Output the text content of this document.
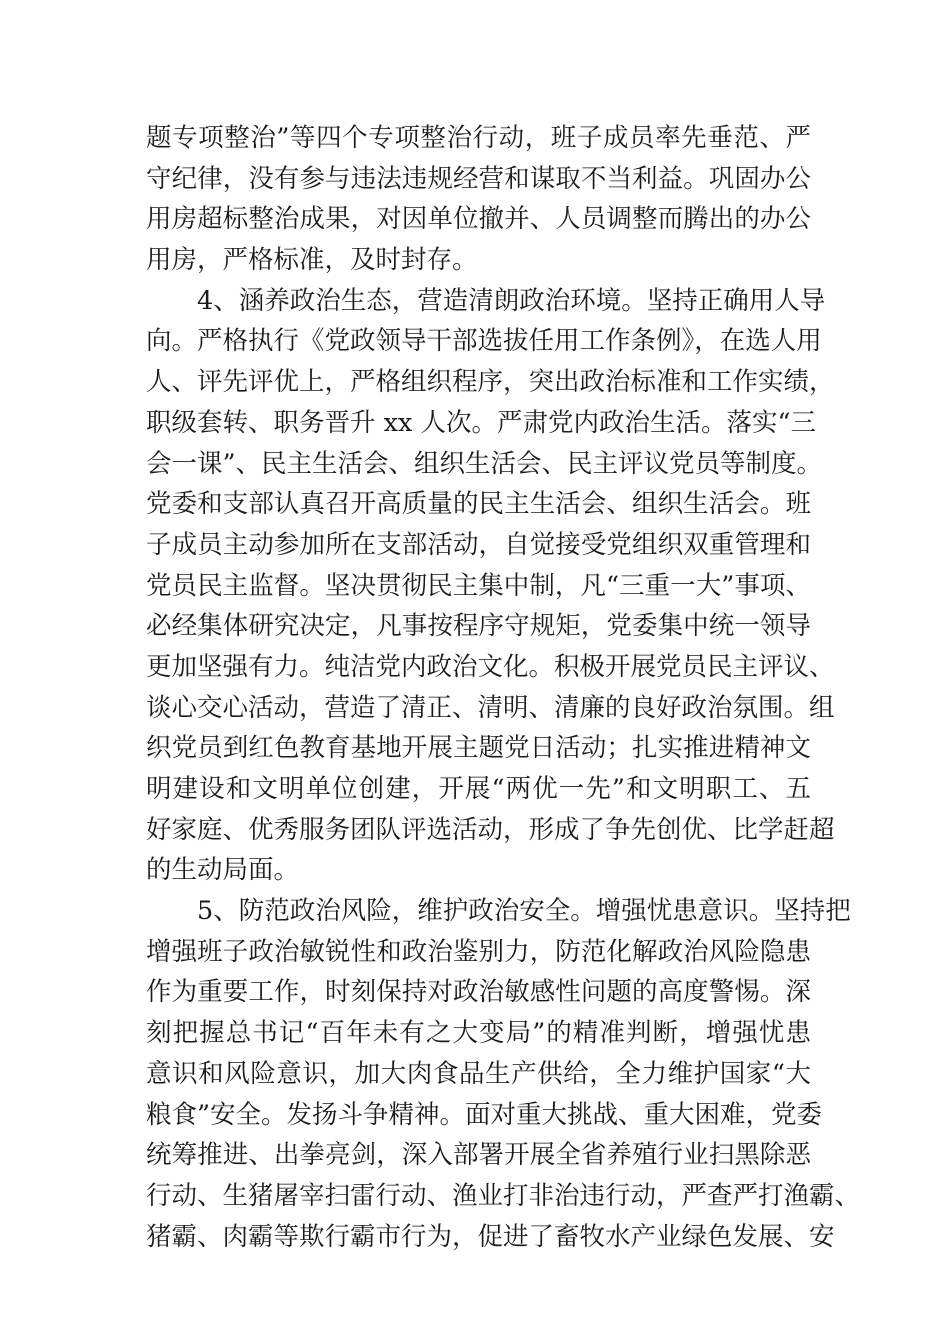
题专项整治”等四个专项整治行动，班子成员率先垂范、严
守纪律，没有参与违法违规经营和谋取不当利益。巩固办公
用房超标整治成果，对因单位撤并、人员调整而腾出的办公
用房，严格标准，及时封存。
4、涵养政治生态，营造清朗政治环境。坚持正确用人导
向。严格执行《党政领导干部选拔任用工作条例》，在选人用
人、评先评优上，严格组织程序，突出政治标准和工作实绩，
职级套转、职务晋升 xx 人次。严肃党内政治生活。落实“三
会一课”、民主生活会、组织生活会、民主评议党员等制度。
党委和支部认真召开高质量的民主生活会、组织生活会。班
子成员主动参加所在支部活动，自觉接受党组织双重管理和
党员民主监督。坚决贯彻民主集中制，凡“三重一大”事项、
必经集体研究决定，凡事按程序守规矩，党委集中统一领导
更加坚强有力。纯洁党内政治文化。积极开展党员民主评议、
谈心交心活动，营造了清正、清明、清廉的良好政治氛围。组
织党员到红色教育基地开展主题党日活动；扎实推进精神文
明建设和文明单位创建，开展“两优一先”和文明职工、五
好家庭、优秀服务团队评选活动，形成了争先创优、比学赶超
的生动局面。
5、防范政治风险，维护政治安全。增强忧患意识。坚持把
增强班子政治敏锐性和政治鉴别力，防范化解政治风险隐患
作为重要工作，时刻保持对政治敏感性问题的高度警惕。深
刻把握总书记“百年未有之大变局”的精准判断，增强忧患
意识和风险意识，加大肉食品生产供给，全力维护国家“大
粮食”安全。发扬斗争精神。面对重大挑战、重大困难，党委
统筹推进、出拳亮剑，深入部署开展全省养殖行业扫黑除恶
行动、生猪屠宰扫雷行动、渔业打非治违行动，严查严打渔霸、
猪霸、肉霸等欺行霸市行为，促进了畜牧水产业绿色发展、安
